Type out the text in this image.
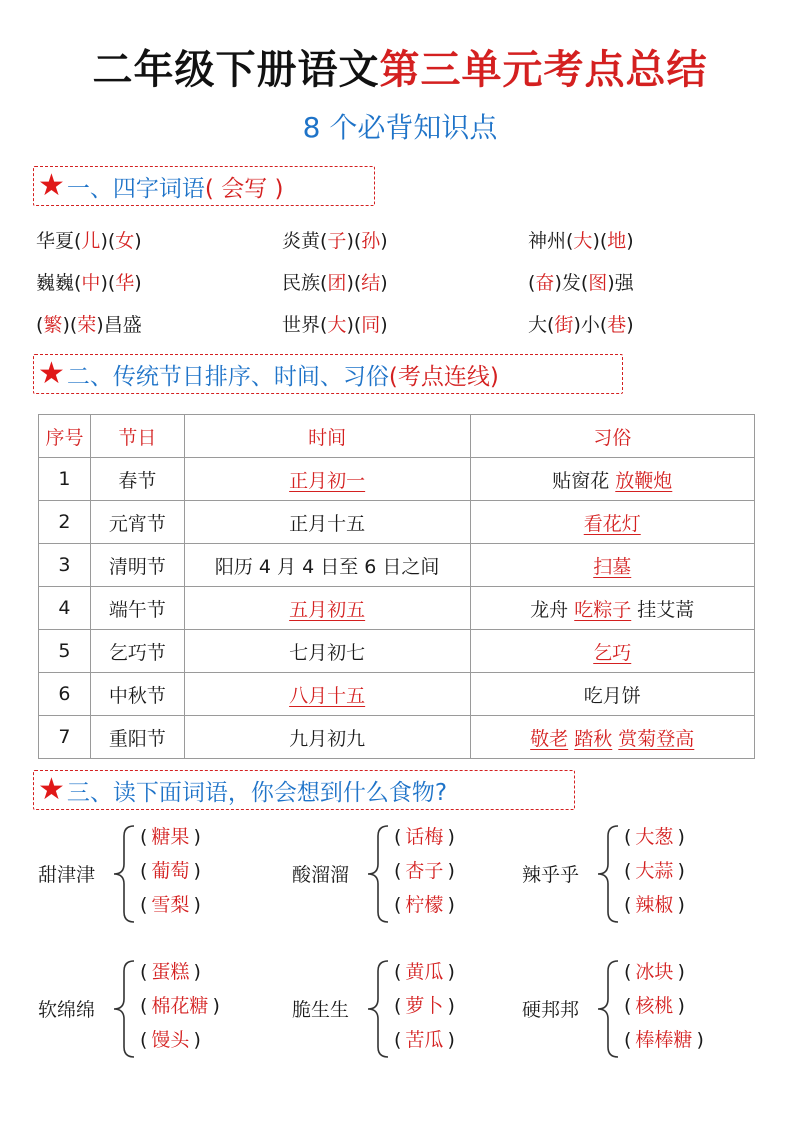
二年级下册语文第三单元考点总结
8 个必背知识点
★ 一、四字词语( 会写 )
华夏(儿)(女)	炎黄(子)(孙)	神州(大)(地)
巍巍(中)(华)	民族(团)(结)	(奋)发(图)强
(繁)(荣)昌盛	世界(大)(同)	大(街)小(巷)
★ 二、传统节日排序、时间、习俗(考点连线)
序号	节日	时间	习俗
1	春节	正月初一	贴窗花 放鞭炮
2	元宵节	正月十五	看花灯
3	清明节	阳历 4 月 4 日至 6 日之间	扫墓
4	端午节	五月初五	龙舟 吃粽子 挂艾蒿
5	乞巧节	七月初七	乞巧
6	中秋节	八月十五	吃月饼
7	重阳节	九月初九	敬老 踏秋 赏菊登高
★ 三、读下面词语，你会想到什么食物?
甜津津
( 糖果 )
( 葡萄 )
( 雪梨 )
酸溜溜
( 话梅 )
( 杏子 )
( 柠檬 )
辣乎乎
( 大葱 )
( 大蒜 )
( 辣椒 )
软绵绵
( 蛋糕 )
( 棉花糖 )
( 馒头 )
脆生生
( 黄瓜 )
( 萝卜 )
( 苦瓜 )
硬邦邦
( 冰块 )
( 核桃 )
( 棒棒糖 )
